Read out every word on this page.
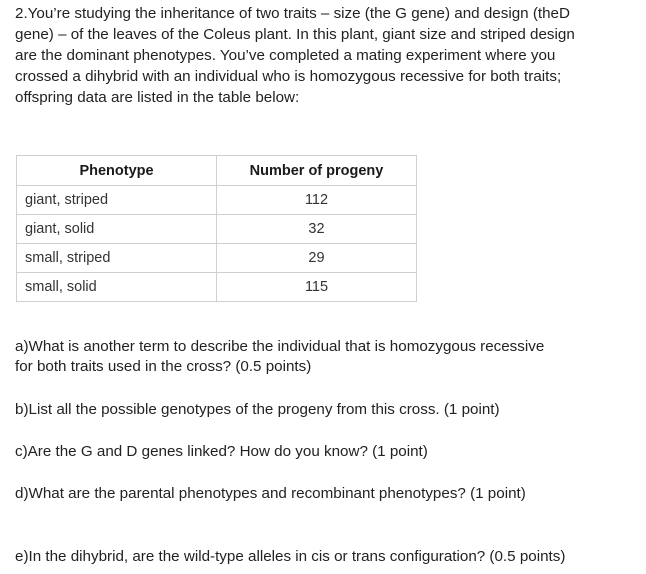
2.You’re studying the inheritance of two traits – size (the G gene) and design (theD
gene) – of the leaves of the Coleus plant. In this plant, giant size and striped design
are the dominant phenotypes. You’ve completed a mating experiment where you
crossed a dihybrid with an individual who is homozygous recessive for both traits;
offspring data are listed in the table below:
Phenotype	Number of progeny
giant, striped	112
giant, solid	32
small, striped	29
small, solid	115
a)What is another term to describe the individual that is homozygous recessive
for both traits used in the cross? (0.5 points)
b)List all the possible genotypes of the progeny from this cross. (1 point)
c)Are the G and D genes linked? How do you know? (1 point)
d)What are the parental phenotypes and recombinant phenotypes? (1 point)
e)In the dihybrid, are the wild-type alleles in cis or trans configuration? (0.5 points)
